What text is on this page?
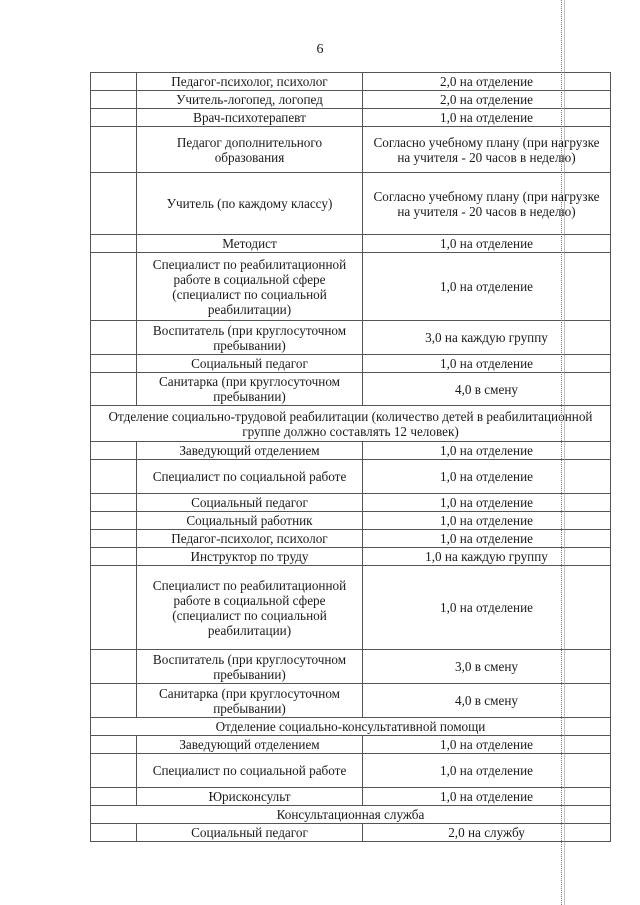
6
	Педагог-психолог, психолог	2,0 на отделение
	Учитель-логопед, логопед	2,0 на отделение
	Врач-психотерапевт	1,0 на отделение
	Педагог дополнительного образования	Согласно учебному плану (при нагрузке на учителя - 20 часов в неделю)
	Учитель (по каждому классу)	Согласно учебному плану (при нагрузке на учителя - 20 часов в неделю)
	Методист	1,0 на отделение
	Специалист по реабилитационной работе в социальной сфере (специалист по социальной реабилитации)	1,0 на отделение
	Воспитатель (при круглосуточном пребывании)	3,0 на каждую группу
	Социальный педагог	1,0 на отделение
	Санитарка (при круглосуточном пребывании)	4,0 в смену
Отделение социально-трудовой реабилитации (количество детей в реабилитационной группе должно составлять 12 человек)		
	Заведующий отделением	1,0 на отделение
	Специалист по социальной работе	1,0 на отделение
	Социальный педагог	1,0 на отделение
	Социальный работник	1,0 на отделение
	Педагог-психолог, психолог	1,0 на отделение
	Инструктор по труду	1,0 на каждую группу
	Специалист по реабилитационной работе в социальной сфере (специалист по социальной реабилитации)	1,0 на отделение
	Воспитатель (при круглосуточном пребывании)	3,0 в смену
	Санитарка (при круглосуточном пребывании)	4,0 в смену
Отделение социально-консультативной помощи		
	Заведующий отделением	1,0 на отделение
	Специалист по социальной работе	1,0 на отделение
	Юрисконсульт	1,0 на отделение
Консультационная служба		
	Социальный педагог	2,0 на службу
